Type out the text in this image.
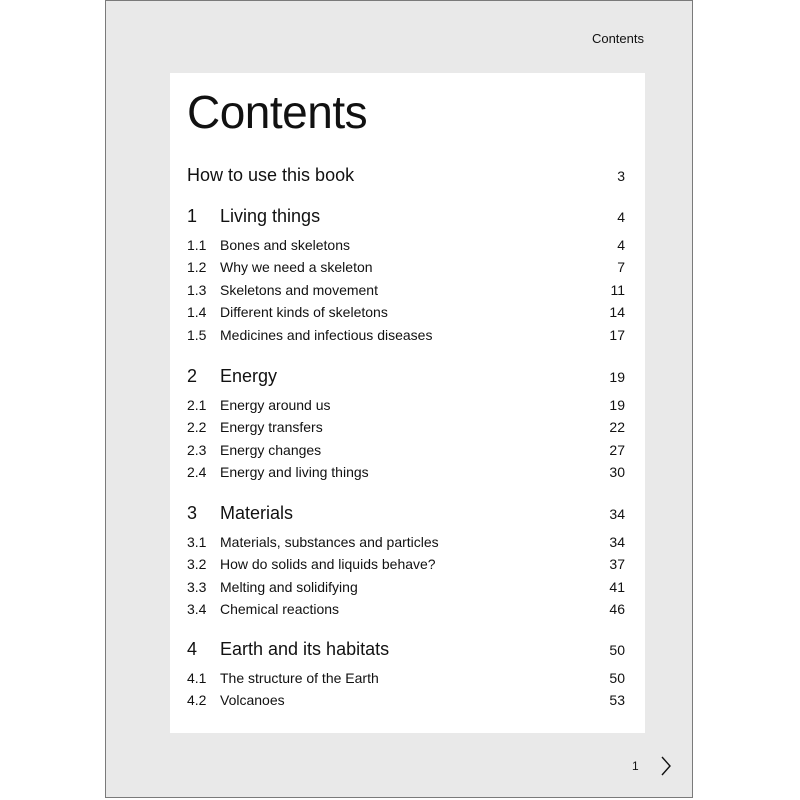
Contents
Contents
How to use this book	3
1	Living things	4
1.1 Bones and skeletons	4
1.2 Why we need a skeleton	7
1.3 Skeletons and movement	11
1.4 Different kinds of skeletons	14
1.5 Medicines and infectious diseases	17
2	Energy	19
2.1 Energy around us	19
2.2 Energy transfers	22
2.3 Energy changes	27
2.4 Energy and living things	30
3	Materials	34
3.1 Materials, substances and particles	34
3.2 How do solids and liquids behave?	37
3.3 Melting and solidifying	41
3.4 Chemical reactions	46
4	Earth and its habitats	50
4.1 The structure of the Earth	50
4.2 Volcanoes	53
1
